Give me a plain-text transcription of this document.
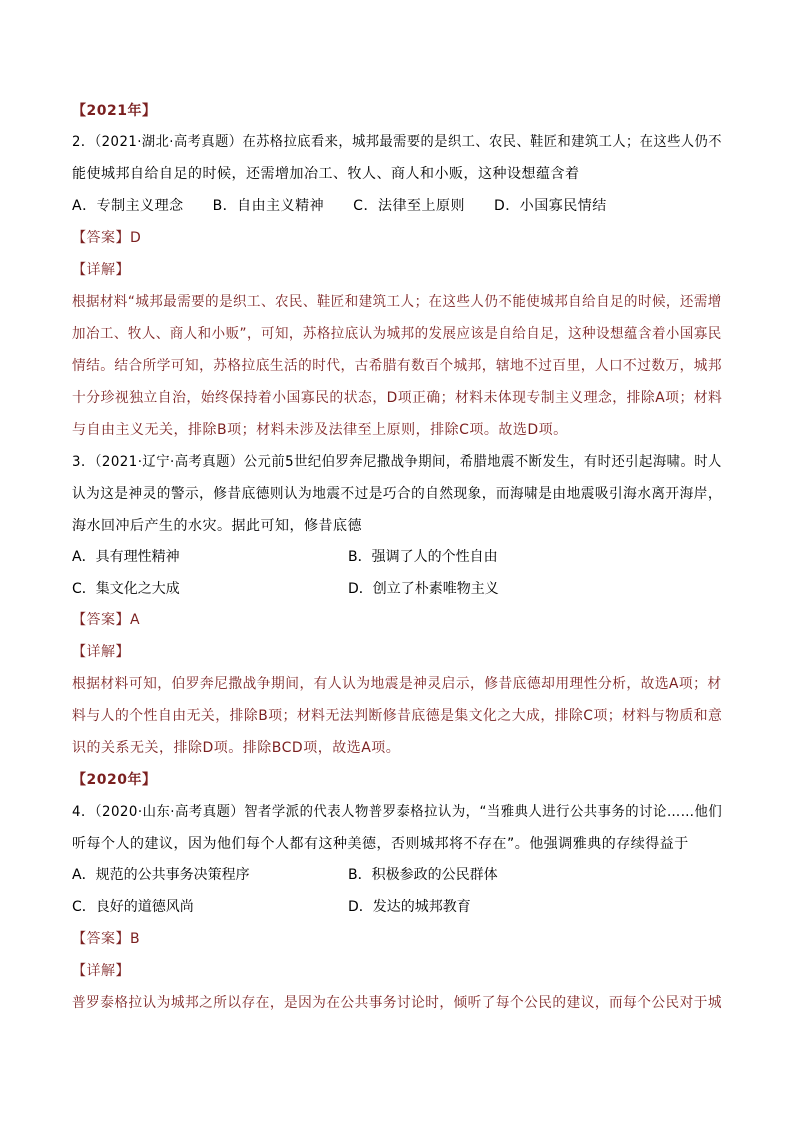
【2021年】
2．（2021·湖北·高考真题）在苏格拉底看来，城邦最需要的是织工、农民、鞋匠和建筑工人；在这些人仍不
能使城邦自给自足的时候，还需增加冶工、牧人、商人和小贩，这种设想蕴含着
A．专制主义理念　　B．自由主义精神　　C．法律至上原则　　D．小国寡民情结
【答案】D
【详解】
根据材料“城邦最需要的是织工、农民、鞋匠和建筑工人；在这些人仍不能使城邦自给自足的时候，还需增
加冶工、牧人、商人和小贩”，可知，苏格拉底认为城邦的发展应该是自给自足，这种设想蕴含着小国寡民
情结。结合所学可知，苏格拉底生活的时代，古希腊有数百个城邦，辖地不过百里，人口不过数万，城邦
十分珍视独立自治，始终保持着小国寡民的状态，D项正确；材料未体现专制主义理念，排除A项；材料
与自由主义无关，排除B项；材料未涉及法律至上原则，排除C项。故选D项。
3．（2021·辽宁·高考真题）公元前5世纪伯罗奔尼撒战争期间，希腊地震不断发生，有时还引起海啸。时人
认为这是神灵的警示，修昔底德则认为地震不过是巧合的自然现象，而海啸是由地震吸引海水离开海岸，
海水回冲后产生的水灾。据此可知，修昔底德
A．具有理性精神	B．强调了人的个性自由
C．集文化之大成	D．创立了朴素唯物主义
【答案】A
【详解】
根据材料可知，伯罗奔尼撒战争期间，有人认为地震是神灵启示，修昔底德却用理性分析，故选A项；材
料与人的个性自由无关，排除B项；材料无法判断修昔底德是集文化之大成，排除C项；材料与物质和意
识的关系无关，排除D项。排除BCD项，故选A项。
【2020年】
4．（2020·山东·高考真题）智者学派的代表人物普罗泰格拉认为，“当雅典人进行公共事务的讨论……他们
听每个人的建议，因为他们每个人都有这种美德，否则城邦将不存在”。他强调雅典的存续得益于
A．规范的公共事务决策程序	B．积极参政的公民群体
C．良好的道德风尚	D．发达的城邦教育
【答案】B
【详解】
普罗泰格拉认为城邦之所以存在，是因为在公共事务讨论时，倾听了每个公民的建议，而每个公民对于城
